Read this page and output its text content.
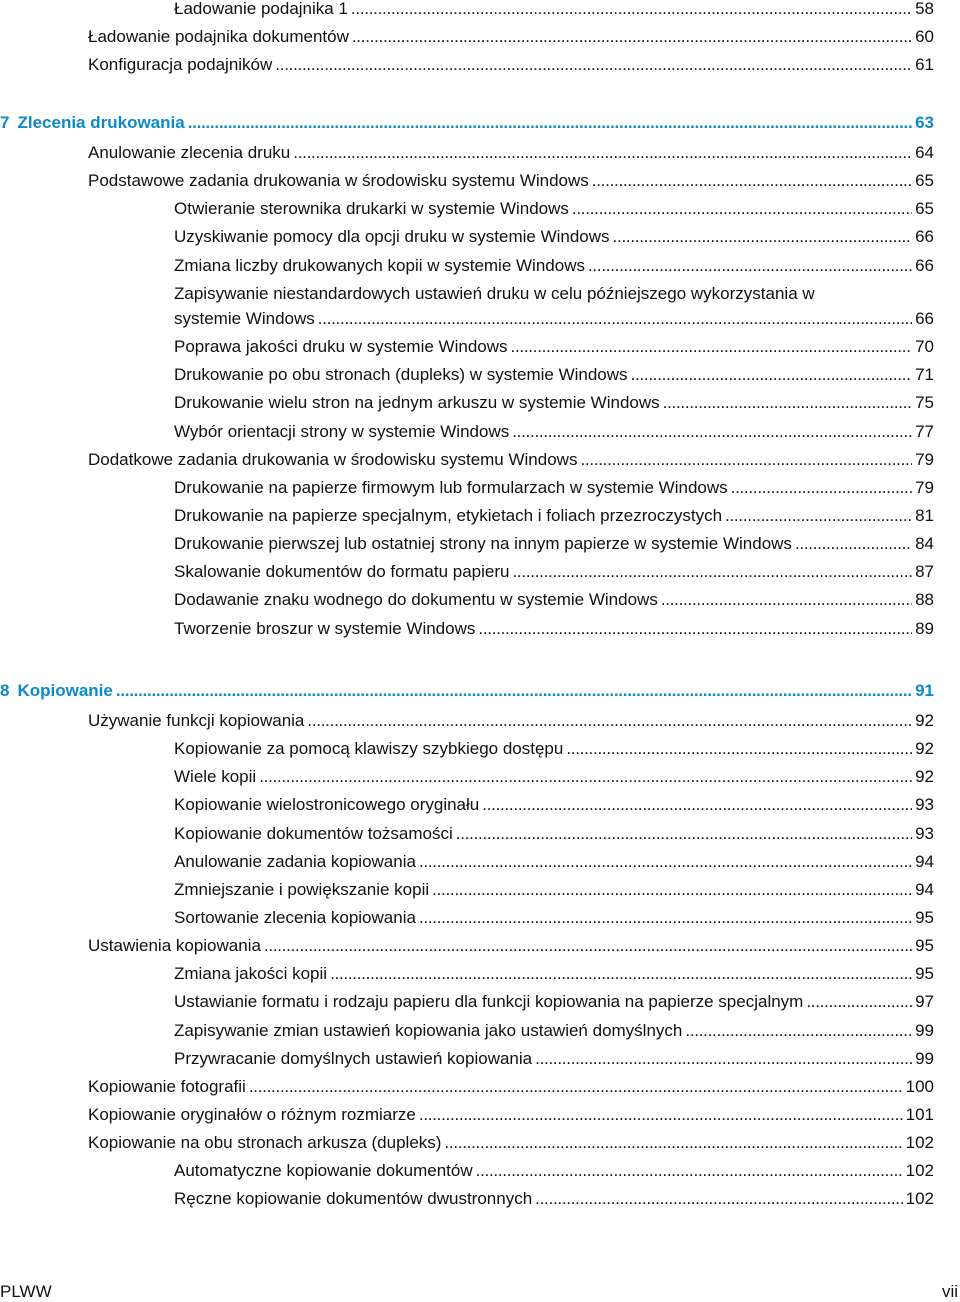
Ładowanie podajnika 1 . . .	58
Ładowanie podajnika dokumentów . . .	60
Konfiguracja podajników . . .	61
7 Zlecenia drukowania . . .	63
Anulowanie zlecenia druku . . .	64
Podstawowe zadania drukowania w środowisku systemu Windows . . .	65
Otwieranie sterownika drukarki w systemie Windows . . .	65
Uzyskiwanie pomocy dla opcji druku w systemie Windows . . .	66
Zmiana liczby drukowanych kopii w systemie Windows . . .	66
Zapisywanie niestandardowych ustawień druku w celu późniejszego wykorzystania w
systemie Windows . . .	66
Poprawa jakości druku w systemie Windows . . .	70
Drukowanie po obu stronach (dupleks) w systemie Windows . . .	71
Drukowanie wielu stron na jednym arkuszu w systemie Windows . . .	75
Wybór orientacji strony w systemie Windows . . .	77
Dodatkowe zadania drukowania w środowisku systemu Windows . . .	79
Drukowanie na papierze firmowym lub formularzach w systemie Windows . . .	79
Drukowanie na papierze specjalnym, etykietach i foliach przezroczystych . . .	81
Drukowanie pierwszej lub ostatniej strony na innym papierze w systemie Windows . . .	84
Skalowanie dokumentów do formatu papieru . . .	87
Dodawanie znaku wodnego do dokumentu w systemie Windows . . .	88
Tworzenie broszur w systemie Windows . . .	89
8 Kopiowanie . . .	91
Używanie funkcji kopiowania . . .	92
Kopiowanie za pomocą klawiszy szybkiego dostępu . . .	92
Wiele kopii . . .	92
Kopiowanie wielostronicowego oryginału . . .	93
Kopiowanie dokumentów tożsamości . . .	93
Anulowanie zadania kopiowania . . .	94
Zmniejszanie i powiększanie kopii . . .	94
Sortowanie zlecenia kopiowania . . .	95
Ustawienia kopiowania . . .	95
Zmiana jakości kopii . . .	95
Ustawianie formatu i rodzaju papieru dla funkcji kopiowania na papierze specjalnym . . .	97
Zapisywanie zmian ustawień kopiowania jako ustawień domyślnych . . .	99
Przywracanie domyślnych ustawień kopiowania . . .	99
Kopiowanie fotografii . . .	100
Kopiowanie oryginałów o różnym rozmiarze . . .	101
Kopiowanie na obu stronach arkusza (dupleks) . . .	102
Automatyczne kopiowanie dokumentów . . .	102
Ręczne kopiowanie dokumentów dwustronnych . . .	102
PLWW	vii
